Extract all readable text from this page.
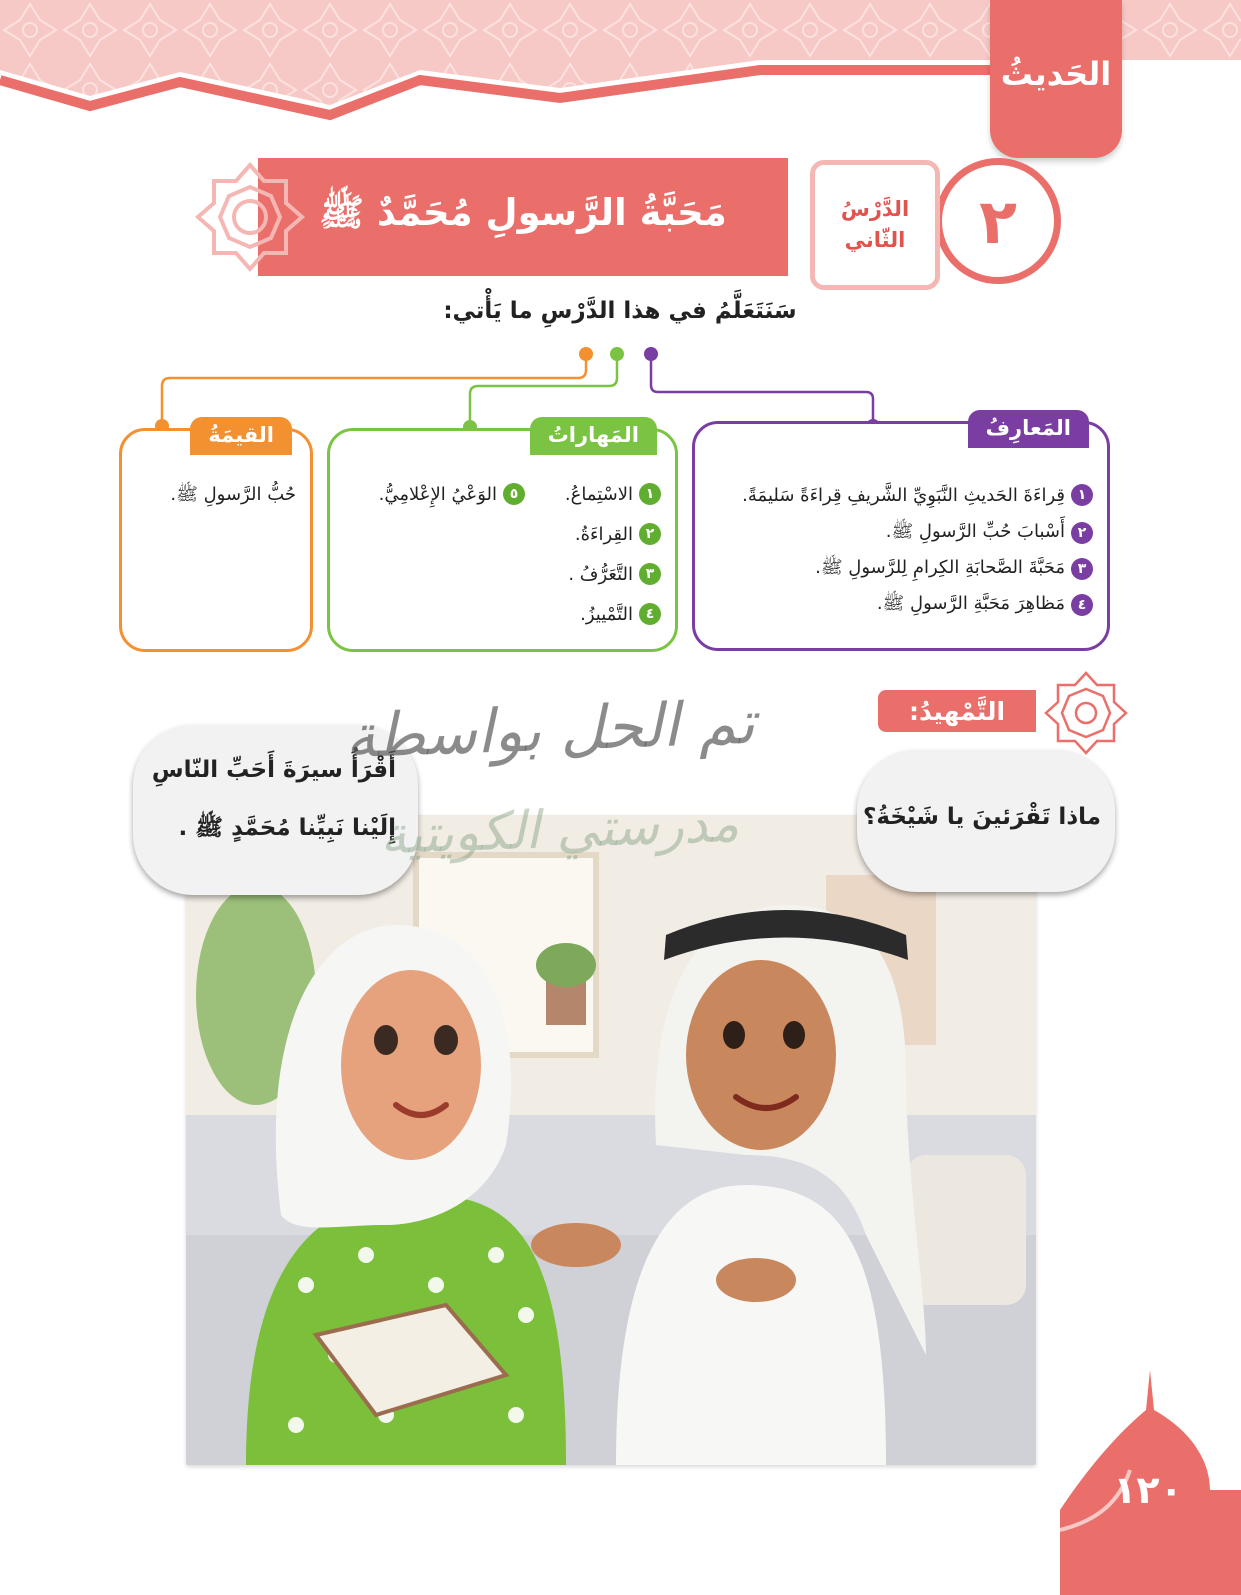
الحَديثُ
٢
الدَّرْسُ
الثّاني
مَحَبَّةُ الرَّسولِ مُحَمَّدٌ ﷺ
سَنَتَعَلَّمُ في هذا الدَّرْسِ ما يَأْتي:
المَعارِفُ
١
قِراءَةَ الحَديثِ النَّبَوِيِّ الشَّريفِ قِراءَةً سَليمَةً.
٢
أَسْبابَ حُبِّ الرَّسولِ ﷺ.
٣
مَحَبَّةَ الصَّحابَةِ الكِرامِ لِلرَّسولِ ﷺ.
٤
مَظاهِرَ مَحَبَّةِ الرَّسولِ ﷺ.
المَهاراتُ
١
الاسْتِماعُ.
٥
الوَعْيُ الإِعْلامِيُّ.
٢
القِراءَةُ.
٣
التَّعَرُّفُ .
٤
التَّمْييزُ.
القيمَةُ
حُبُّ الرَّسولِ ﷺ.
التَّمْهيدُ:
أَقْرَأُ سيرَةَ أَحَبِّ النّاسِ
إِلَيْنا نَبِيِّنا مُحَمَّدٍ ﷺ .	ماذا تَقْرَئينَ يا شَيْخَةُ؟
تم الحل بواسطة
مدرستي الكويتية
١٢٠
